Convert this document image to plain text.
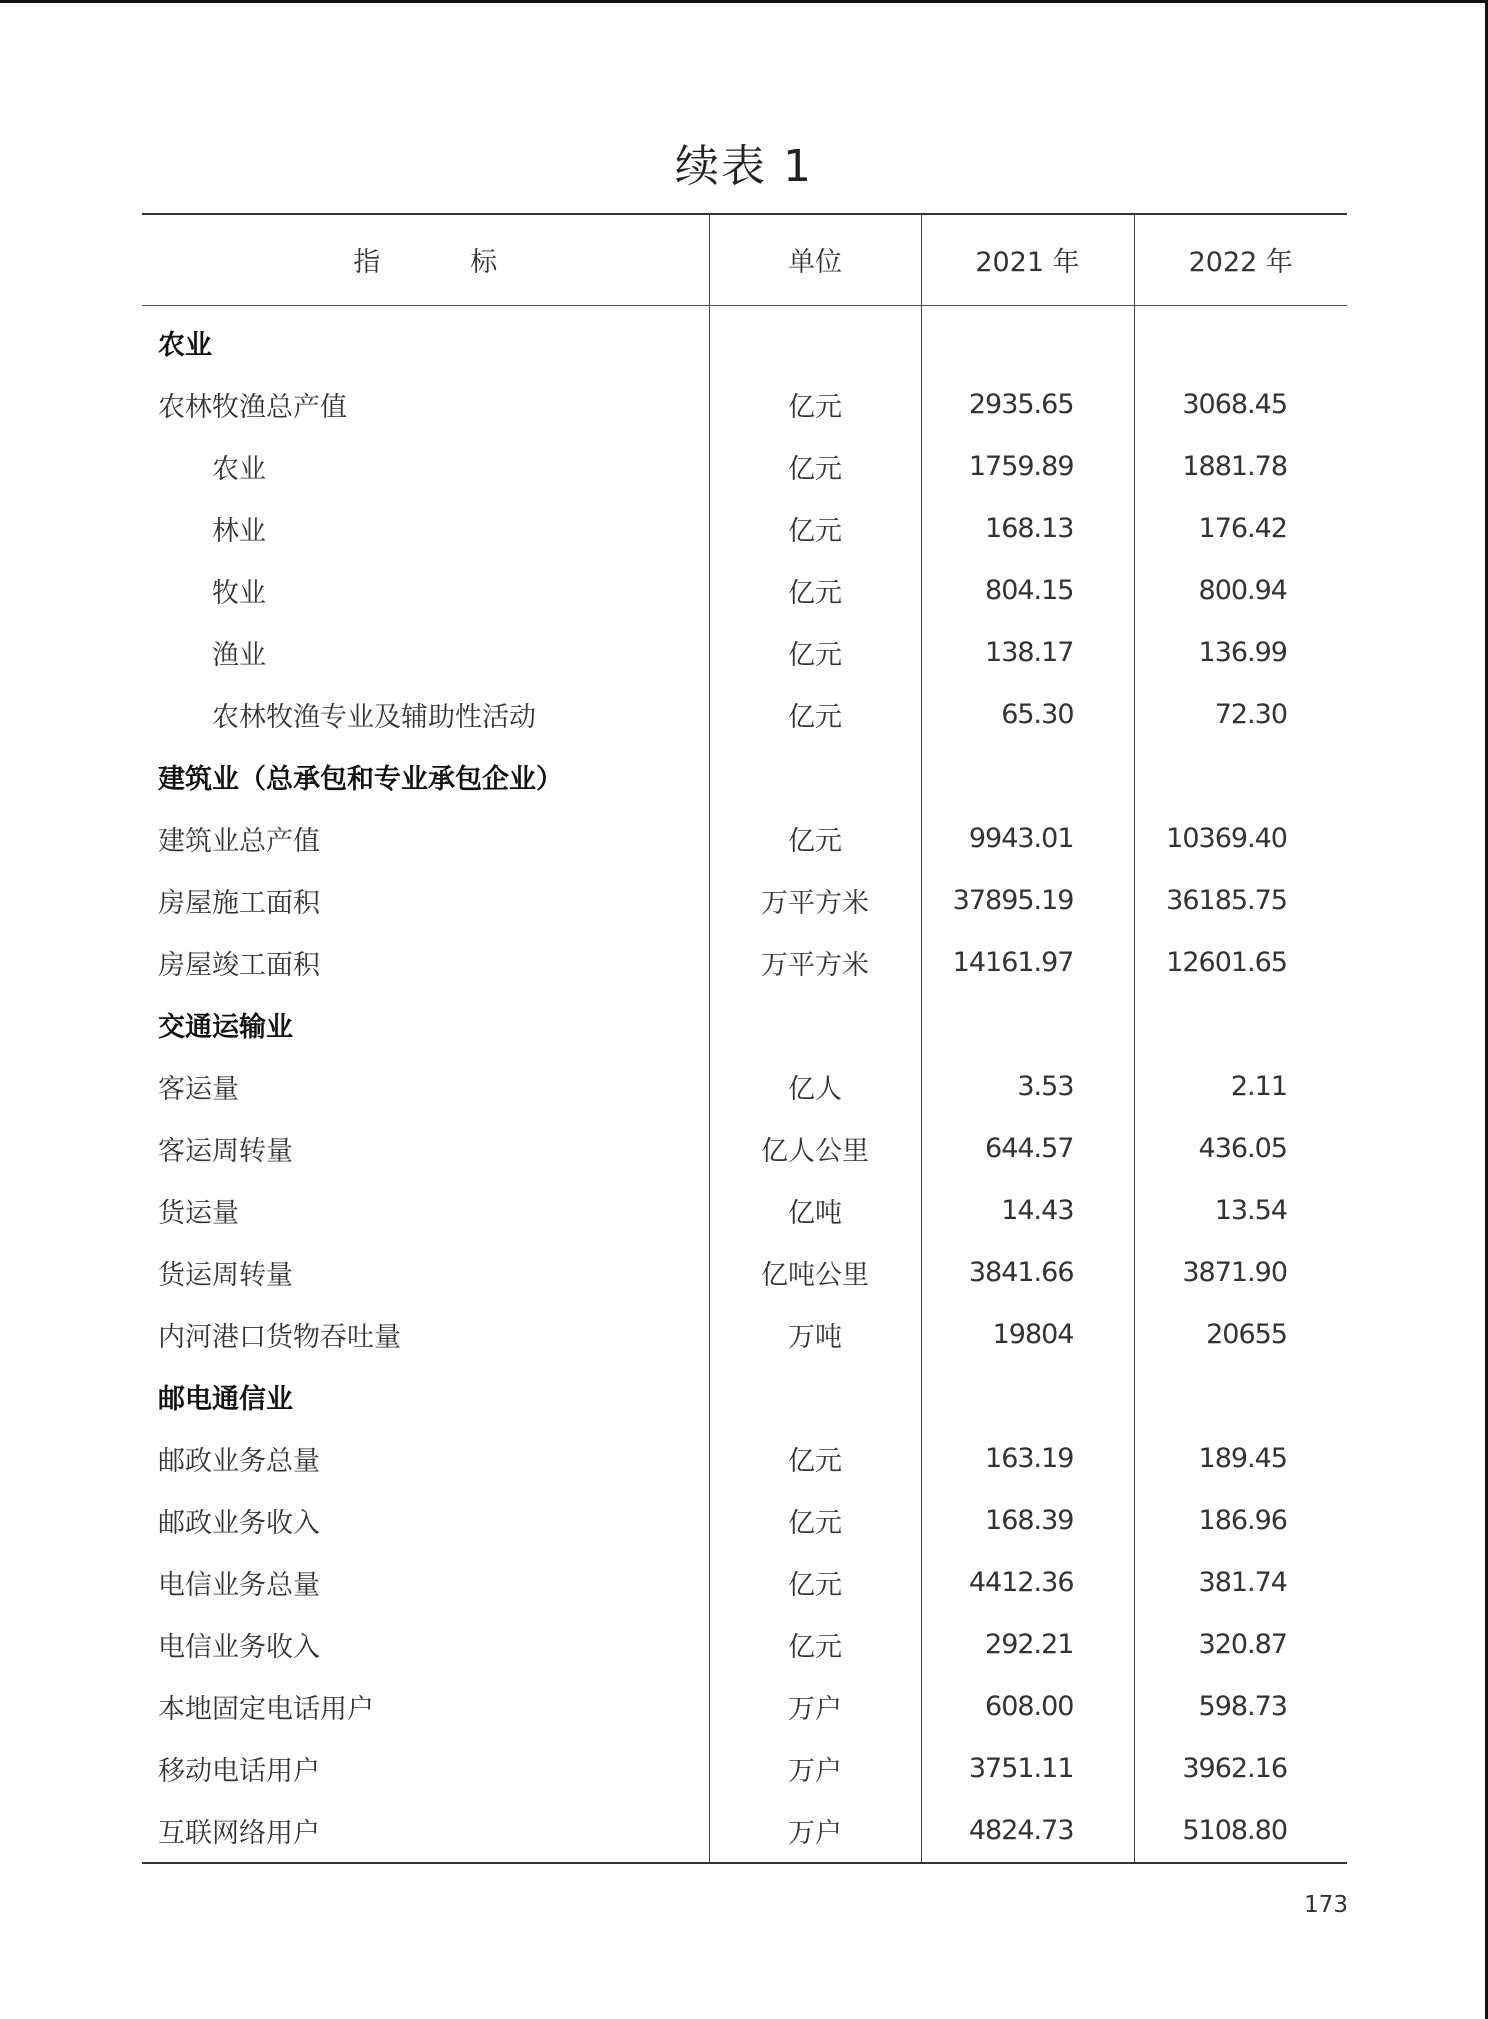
续表 1
指 标	单位	2021 年	2022 年
农业			
农林牧渔总产值	亿元	2935.65	3068.45
农业	亿元	1759.89	1881.78
林业	亿元	168.13	176.42
牧业	亿元	804.15	800.94
渔业	亿元	138.17	136.99
农林牧渔专业及辅助性活动	亿元	65.30	72.30
建筑业（总承包和专业承包企业）			
建筑业总产值	亿元	9943.01	10369.40
房屋施工面积	万平方米	37895.19	36185.75
房屋竣工面积	万平方米	14161.97	12601.65
交通运输业			
客运量	亿人	3.53	2.11
客运周转量	亿人公里	644.57	436.05
货运量	亿吨	14.43	13.54
货运周转量	亿吨公里	3841.66	3871.90
内河港口货物吞吐量	万吨	19804	20655
邮电通信业			
邮政业务总量	亿元	163.19	189.45
邮政业务收入	亿元	168.39	186.96
电信业务总量	亿元	4412.36	381.74
电信业务收入	亿元	292.21	320.87
本地固定电话用户	万户	608.00	598.73
移动电话用户	万户	3751.11	3962.16
互联网络用户	万户	4824.73	5108.80
173
